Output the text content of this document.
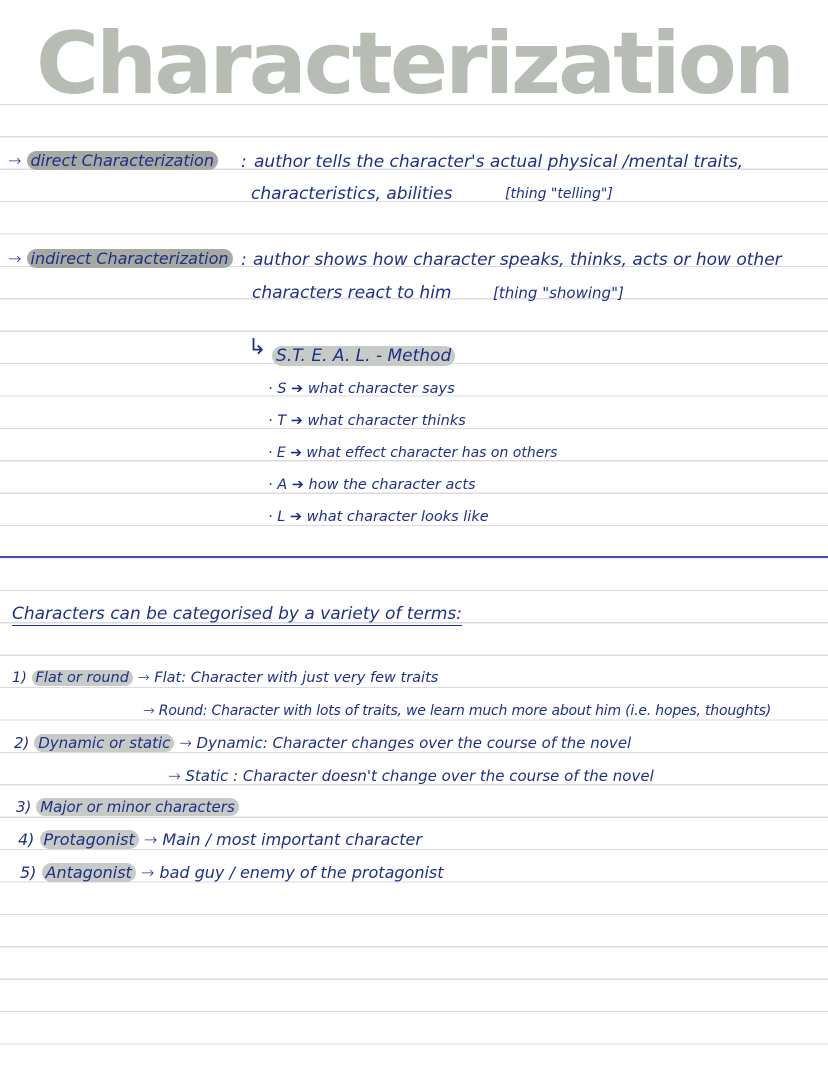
Characterization
→ direct Characterization : author tells the character's actual physical /mental traits,
characteristics, abilities	[thing "telling"]
→ indirect Characterization : author shows how character speaks, thinks, acts or how other
characters react to him	[thing "showing"]
↳ S.T. E. A. L. - Method
· S ➔ what character says
· T ➔ what character thinks
· E ➔ what effect character has on others
· A ➔ how the character acts
· L ➔ what character looks like
Characters can be categorised by a variety of terms:
1) Flat or round → Flat: Character with just very few traits
→ Round: Character with lots of traits, we learn much more about him (i.e. hopes, thoughts)
2) Dynamic or static → Dynamic: Character changes over the course of the novel
→ Static : Character doesn't change over the course of the novel
3) Major or minor characters
4) Protagonist → Main / most important character
5) Antagonist → bad guy / enemy of the protagonist
